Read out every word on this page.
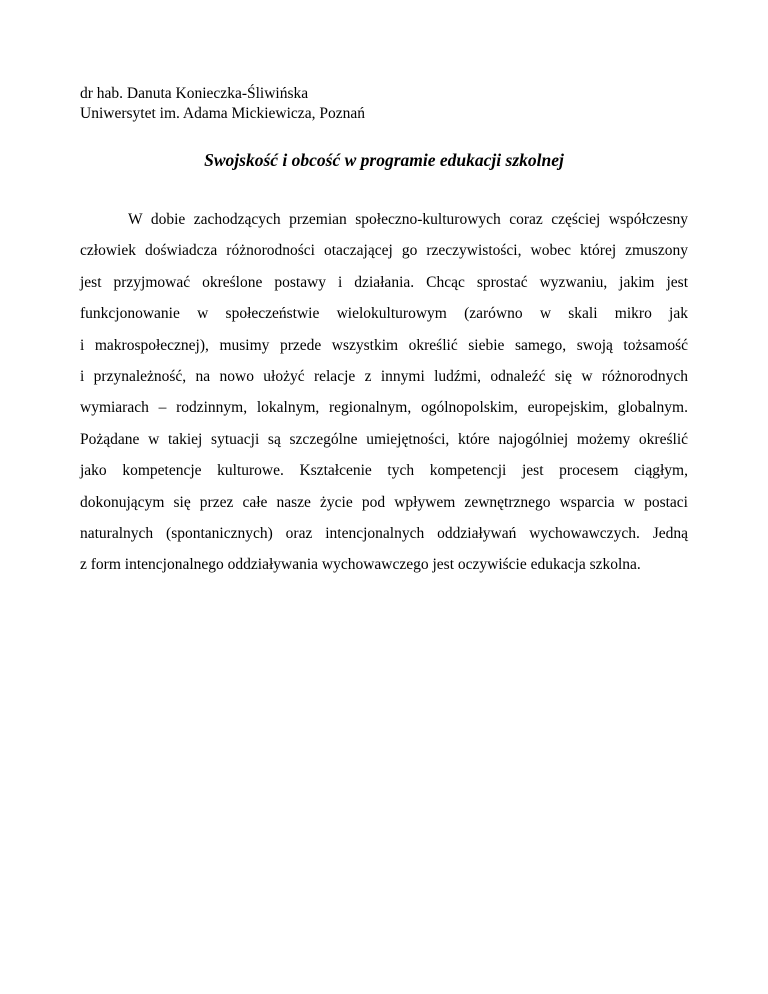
dr hab. Danuta Konieczka-Śliwińska
Uniwersytet im. Adama Mickiewicza, Poznań
Swojskość i obcość w programie edukacji szkolnej
W dobie zachodzących przemian społeczno-kulturowych coraz częściej współczesny
człowiek doświadcza różnorodności otaczającej go rzeczywistości, wobec której zmuszony
jest przyjmować określone postawy i działania. Chcąc sprostać wyzwaniu, jakim jest
funkcjonowanie w społeczeństwie wielokulturowym (zarówno w skali mikro jak
i makrospołecznej), musimy przede wszystkim określić siebie samego, swoją tożsamość
i przynależność, na nowo ułożyć relacje z innymi ludźmi, odnaleźć się w różnorodnych
wymiarach – rodzinnym, lokalnym, regionalnym, ogólnopolskim, europejskim, globalnym.
Pożądane w takiej sytuacji są szczególne umiejętności, które najogólniej możemy określić
jako kompetencje kulturowe. Kształcenie tych kompetencji jest procesem ciągłym,
dokonującym się przez całe nasze życie pod wpływem zewnętrznego wsparcia w postaci
naturalnych (spontanicznych) oraz intencjonalnych oddziaływań wychowawczych. Jedną
z form intencjonalnego oddziaływania wychowawczego jest oczywiście edukacja szkolna.
